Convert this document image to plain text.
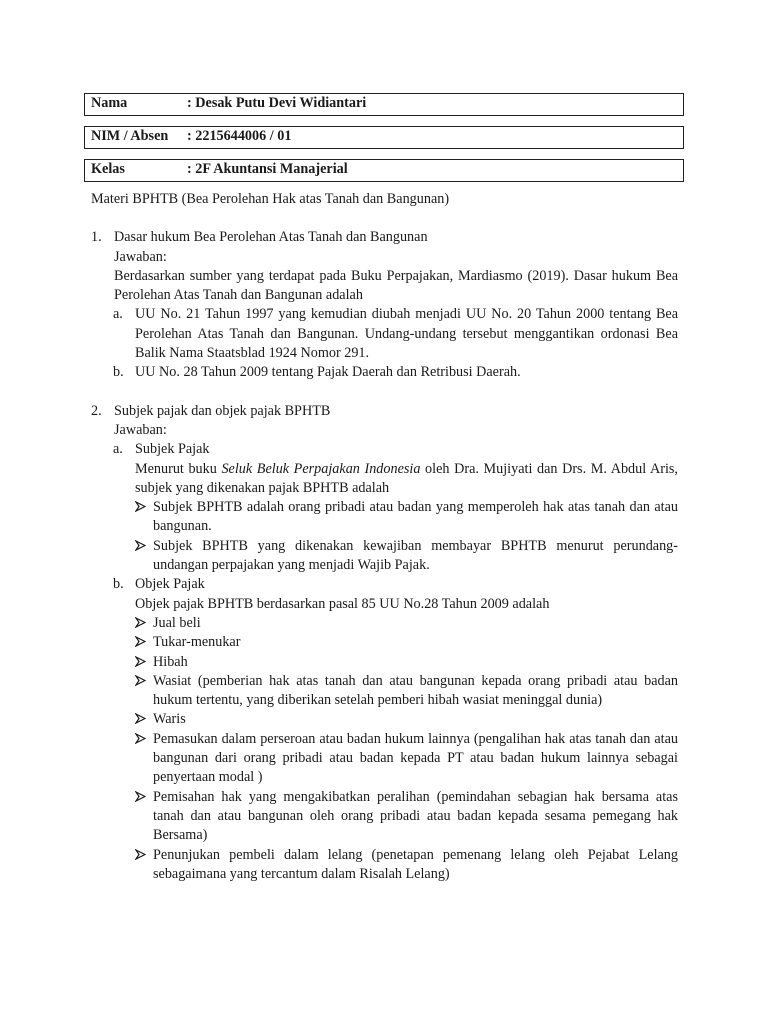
Nama	: Desak Putu Devi Widiantari
NIM / Absen : 2215644006 / 01
Kelas	: 2F Akuntansi Manajerial

Materi BPHTB (Bea Perolehan Hak atas Tanah dan Bangunan)

1. Dasar hukum Bea Perolehan Atas Tanah dan Bangunan

Jawaban:

Berdasarkan sumber yang terdapat pada Buku Perpajakan, Mardiasmo (2019). Dasar hukum Bea Perolehan Atas Tanah dan Bangunan adalah

a. UU No. 21 Tahun 1997 yang kemudian diubah menjadi UU No. 20 Tahun 2000 tentang Bea Perolehan Atas Tanah dan Bangunan. Undang-undang tersebut menggantikan ordonasi Bea Balik Nama Staatsblad 1924 Nomor 291.

b. UU No. 28 Tahun 2009 tentang Pajak Daerah dan Retribusi Daerah.

2. Subjek pajak dan objek pajak BPHTB

Jawaban:

a. Subjek Pajak

Menurut buku Seluk Beluk Perpajakan Indonesia oleh Dra. Mujiyati dan Drs. M. Abdul Aris, subjek yang dikenakan pajak BPHTB adalah

Subjek BPHTB adalah orang pribadi atau badan yang memperoleh hak atas tanah dan atau bangunan.

Subjek BPHTB yang dikenakan kewajiban membayar BPHTB menurut perundang-undangan perpajakan yang menjadi Wajib Pajak.

b. Objek Pajak

Objek pajak BPHTB berdasarkan pasal 85 UU No.28 Tahun 2009 adalah

Jual beli

Tukar-menukar

Hibah

Wasiat (pemberian hak atas tanah dan atau bangunan kepada orang pribadi atau badan hukum tertentu, yang diberikan setelah pemberi hibah wasiat meninggal dunia)

Waris

Pemasukan dalam perseroan atau badan hukum lainnya (pengalihan hak atas tanah dan atau bangunan dari orang pribadi atau badan kepada PT atau badan hukum lainnya sebagai penyertaan modal )

Pemisahan hak yang mengakibatkan peralihan (pemindahan sebagian hak bersama atas tanah dan atau bangunan oleh orang pribadi atau badan kepada sesama pemegang hak Bersama)

Penunjukan pembeli dalam lelang (penetapan pemenang lelang oleh Pejabat Lelang sebagaimana yang tercantum dalam Risalah Lelang)
